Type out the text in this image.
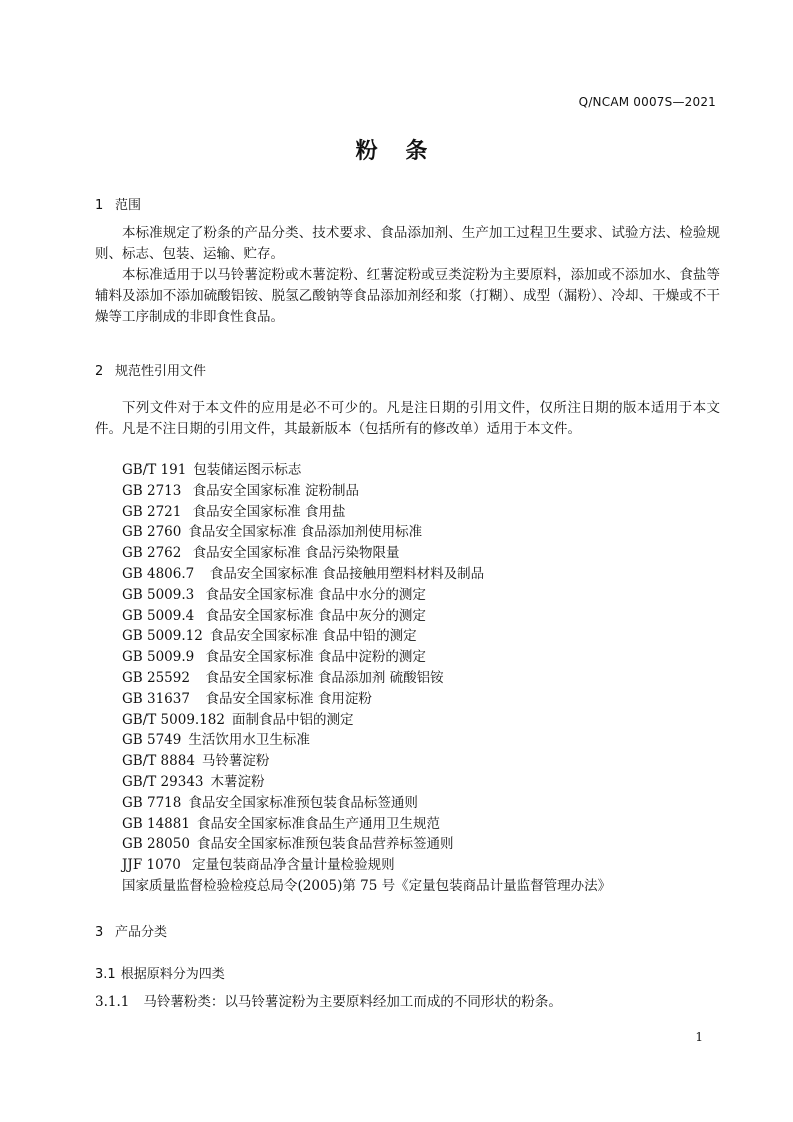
Q/NCAM 0007S—2021
粉 条
1 范围

本标准规定了粉条的产品分类、技术要求、食品添加剂、生产加工过程卫生要求、试验方法、检验规则、标志、包装、运输、贮存。

本标准适用于以马铃薯淀粉或木薯淀粉、红薯淀粉或豆类淀粉为主要原料，添加或不添加水、食盐等辅料及添加不添加硫酸铝铵、脱氢乙酸钠等食品添加剂经和浆（打糊）、成型（漏粉）、冷却、干燥或不干燥等工序制成的非即食性食品。

2 规范性引用文件

下列文件对于本文件的应用是必不可少的。凡是注日期的引用文件，仅所注日期的版本适用于本文件。凡是不注日期的引用文件，其最新版本（包括所有的修改单）适用于本文件。

GB/T 191 包装储运图示标志
GB 2713 食品安全国家标准 淀粉制品
GB 2721 食品安全国家标准 食用盐
GB 2760 食品安全国家标准 食品添加剂使用标准
GB 2762 食品安全国家标准 食品污染物限量
GB 4806.7  食品安全国家标准 食品接触用塑料材料及制品
GB 5009.3 食品安全国家标准 食品中水分的测定
GB 5009.4 食品安全国家标准 食品中灰分的测定
GB 5009.12 食品安全国家标准 食品中铅的测定
GB 5009.9 食品安全国家标准 食品中淀粉的测定
GB 25592  食品安全国家标准 食品添加剂 硫酸铝铵
GB 31637  食品安全国家标准 食用淀粉
GB/T 5009.182 面制食品中铝的测定
GB 5749 生活饮用水卫生标准
GB/T 8884 马铃薯淀粉
GB/T 29343 木薯淀粉
GB 7718 食品安全国家标准预包装食品标签通则
GB 14881 食品安全国家标准食品生产通用卫生规范
GB 28050 食品安全国家标准预包装食品营养标签通则
JJF 1070 定量包装商品净含量计量检验规则
国家质量监督检验检疫总局令(2005)第 75 号《定量包装商品计量监督管理办法》
3 产品分类
3.1 根据原料分为四类
3.1.1 马铃薯粉类：以马铃薯淀粉为主要原料经加工而成的不同形状的粉条。
1
